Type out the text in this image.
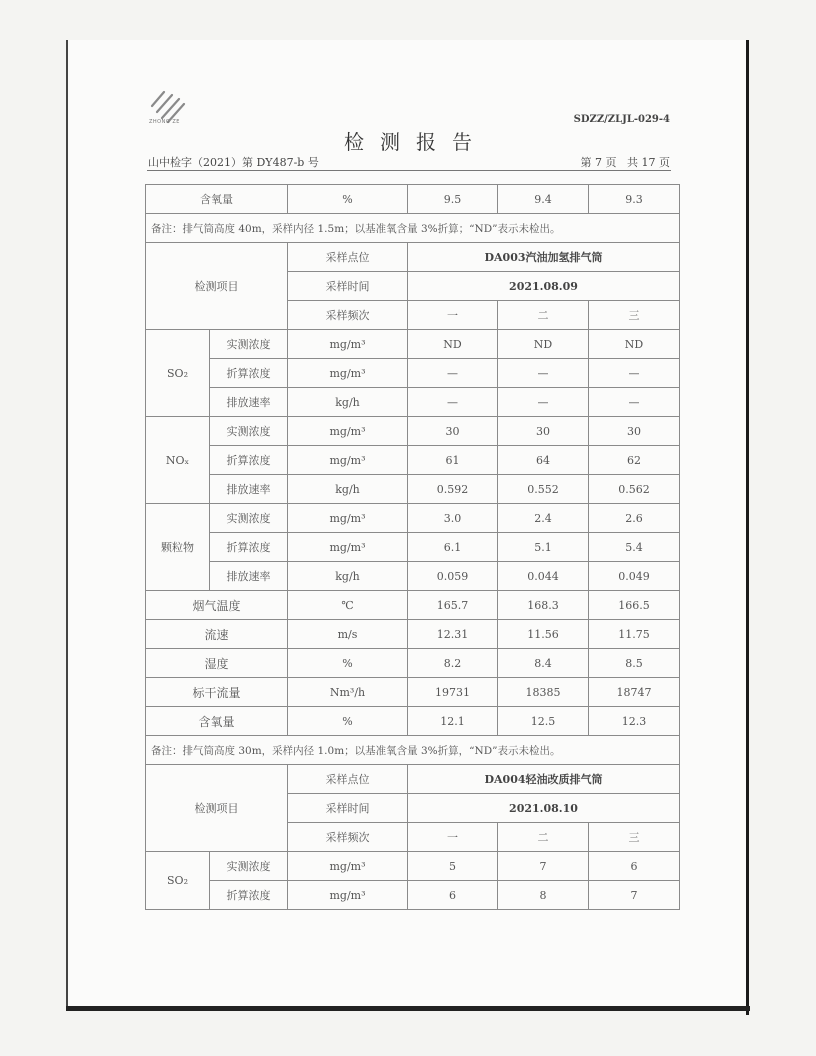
ZHONG ZE	SDZZ/ZLJL-029-4
检测报告
山中检字（2021）第 DY487-b 号	第 7 页   共 17 页
含氧量		%	9.5	9.4	9.3
备注：排气筒高度 40m，采样内径 1.5m；以基准氧含量 3%折算；“ND”表示未检出。					
检测项目		采样点位	DA003汽油加氢排气筒		
		采样时间	2021.08.09		
		采样频次	一	二	三
SO₂	实测浓度	mg/m³	ND	ND	ND
	折算浓度	mg/m³	—	—	—
	排放速率	kg/h	—	—	—
NOₓ	实测浓度	mg/m³	30	30	30
	折算浓度	mg/m³	61	64	62
	排放速率	kg/h	0.592	0.552	0.562
颗粒物	实测浓度	mg/m³	3.0	2.4	2.6
	折算浓度	mg/m³	6.1	5.1	5.4
	排放速率	kg/h	0.059	0.044	0.049
烟气温度		℃	165.7	168.3	166.5
流速		m/s	12.31	11.56	11.75
湿度		%	8.2	8.4	8.5
标干流量		Nm³/h	19731	18385	18747
含氧量		%	12.1	12.5	12.3
备注：排气筒高度 30m，采样内径 1.0m；以基准氧含量 3%折算，“ND”表示未检出。					
检测项目		采样点位	DA004轻油改质排气筒		
		采样时间	2021.08.10		
		采样频次	一	二	三
SO₂	实测浓度	mg/m³	5	7	6
	折算浓度	mg/m³	6	8	7
